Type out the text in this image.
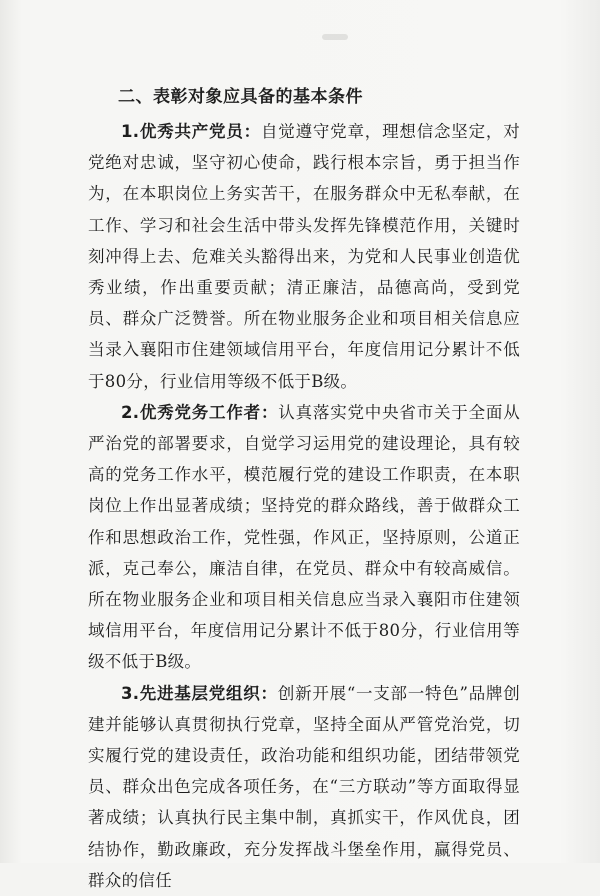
二、表彰对象应具备的基本条件

1.优秀共产党员：自觉遵守党章，理想信念坚定，对党绝对忠诚，坚守初心使命，践行根本宗旨，勇于担当作为，在本职岗位上务实苦干，在服务群众中无私奉献，在工作、学习和社会生活中带头发挥先锋模范作用，关键时刻冲得上去、危难关头豁得出来，为党和人民事业创造优秀业绩，作出重要贡献；清正廉洁，品德高尚，受到党员、群众广泛赞誉。所在物业服务企业和项目相关信息应当录入襄阳市住建领域信用平台，年度信用记分累计不低于80分，行业信用等级不低于B级。

2.优秀党务工作者：认真落实党中央省市关于全面从严治党的部署要求，自觉学习运用党的建设理论，具有较高的党务工作水平，模范履行党的建设工作职责，在本职岗位上作出显著成绩；坚持党的群众路线，善于做群众工作和思想政治工作，党性强，作风正，坚持原则，公道正派，克己奉公，廉洁自律，在党员、群众中有较高威信。所在物业服务企业和项目相关信息应当录入襄阳市住建领域信用平台，年度信用记分累计不低于80分，行业信用等级不低于B级。

3.先进基层党组织：创新开展“一支部一特色”品牌创建并能够认真贯彻执行党章，坚持全面从严管党治党，切实履行党的建设责任，政治功能和组织功能，团结带领党员、群众出色完成各项任务，在“三方联动”等方面取得显著成绩；认真执行民主集中制，真抓实干，作风优良，团结协作，勤政廉政，充分发挥战斗堡垒作用，赢得党员、群众的信任
